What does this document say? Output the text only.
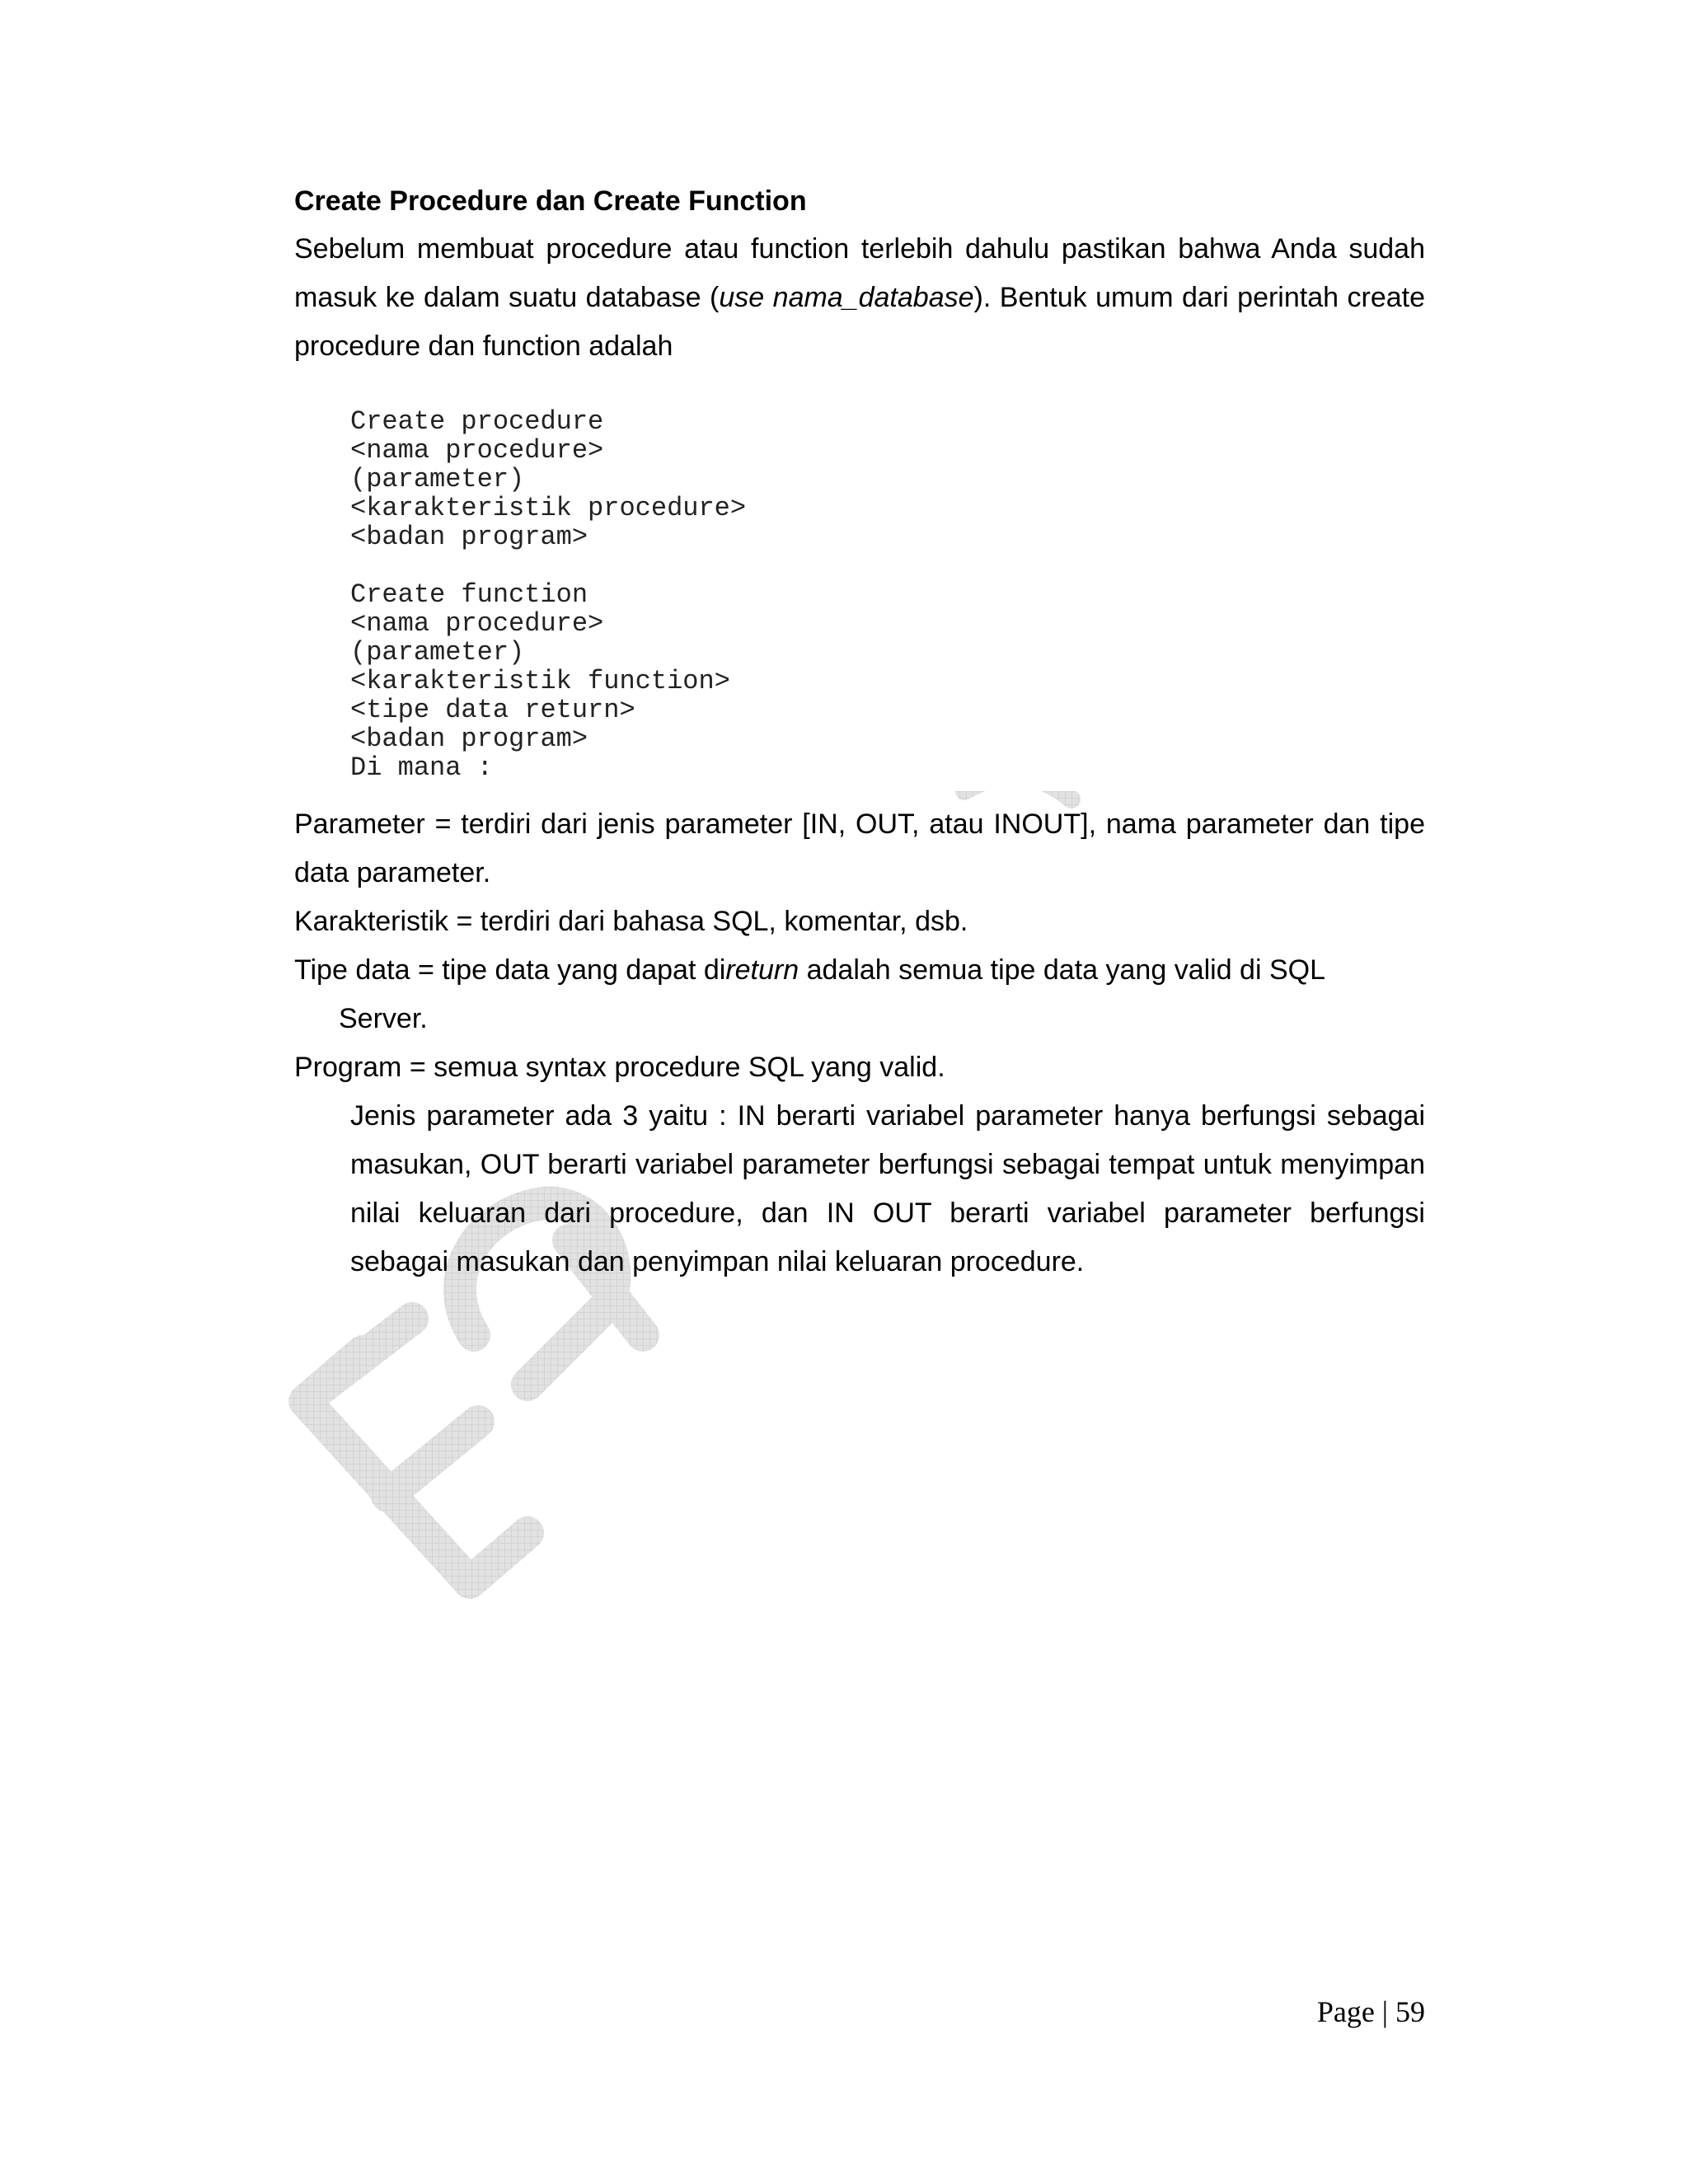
Create Procedure dan Create Function

Sebelum membuat procedure atau function terlebih dahulu pastikan bahwa Anda sudah masuk ke dalam suatu database (use nama_database). Bentuk umum dari perintah create procedure dan function adalah

Create procedure

<nama procedure>

(parameter)

<karakteristik procedure>

<badan program>

Create function

<nama procedure>

(parameter)

<karakteristik function>

<tipe data return>

<badan program>

Di mana :

Parameter = terdiri dari jenis parameter [IN, OUT, atau INOUT], nama parameter dan tipe data parameter.

Karakteristik = terdiri dari bahasa SQL, komentar, dsb.

Tipe data = tipe data yang dapat direturn adalah semua tipe data yang valid di SQL

Server.

Program = semua syntax procedure SQL yang valid.

Jenis parameter ada 3 yaitu : IN berarti variabel parameter hanya berfungsi sebagai masukan, OUT berarti variabel parameter berfungsi sebagai tempat untuk menyimpan nilai keluaran dari procedure, dan IN OUT berarti variabel parameter berfungsi sebagai masukan dan penyimpan nilai keluaran procedure.

Page | 59
